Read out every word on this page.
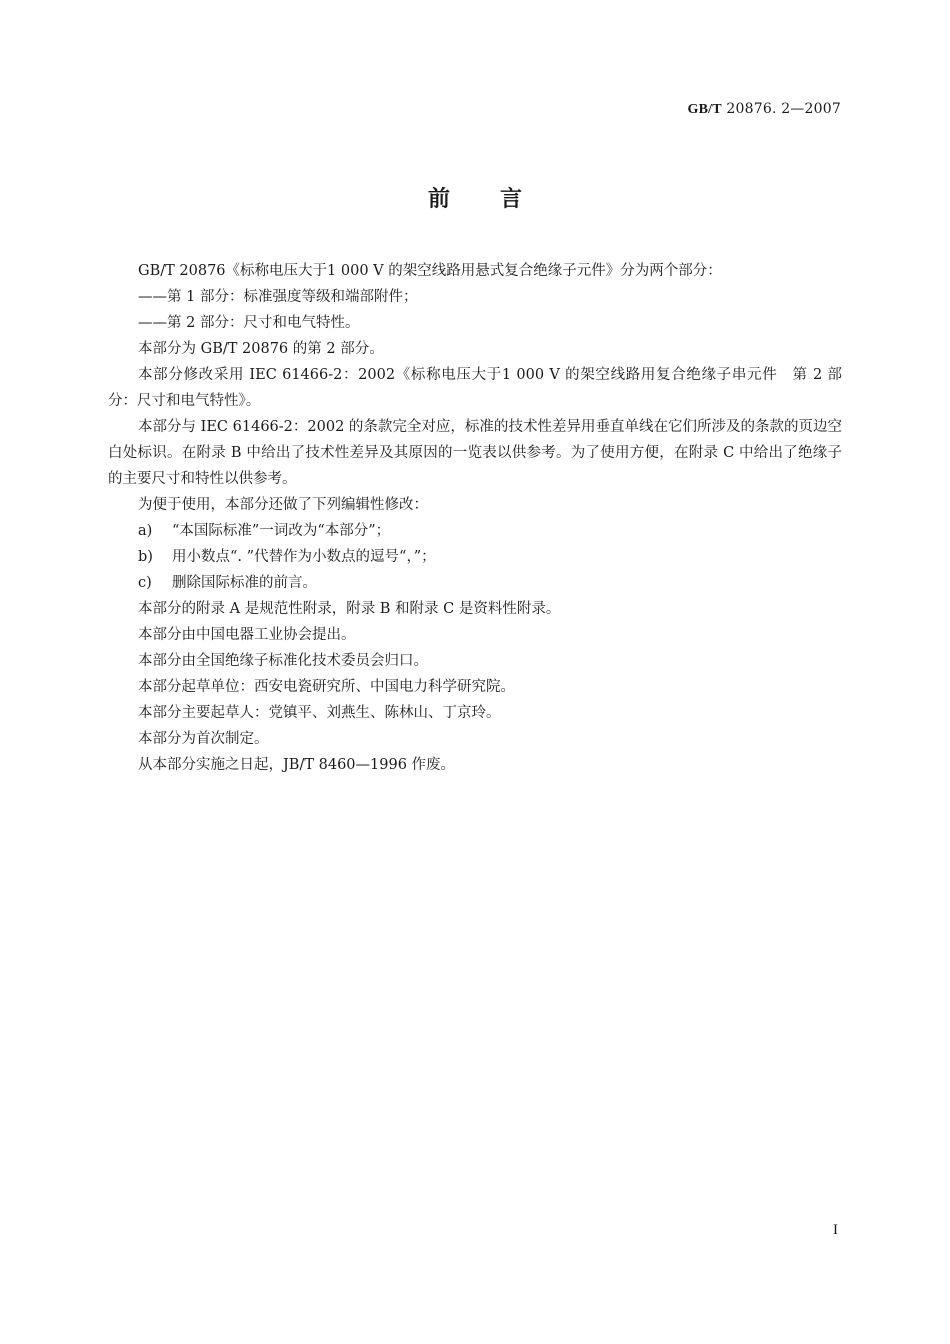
GB/T 20876. 2—2007
前言

GB/T 20876《标称电压大于1 000 V 的架空线路用悬式复合绝缘子元件》分为两个部分：

——第 1 部分：标准强度等级和端部附件；

——第 2 部分：尺寸和电气特性。

本部分为 GB/T 20876 的第 2 部分。

本部分修改采用 IEC 61466-2：2002《标称电压大于1 000 V 的架空线路用复合绝缘子串元件　第 2 部分：尺寸和电气特性》。

本部分与 IEC 61466-2：2002 的条款完全对应，标准的技术性差异用垂直单线在它们所涉及的条款的页边空白处标识。在附录 B 中给出了技术性差异及其原因的一览表以供参考。为了使用方便，在附录 C 中给出了绝缘子的主要尺寸和特性以供参考。

为便于使用，本部分还做了下列编辑性修改：

a) “本国际标准”一词改为“本部分”；

b) 用小数点“. ”代替作为小数点的逗号“，”；

c) 删除国际标准的前言。

本部分的附录 A 是规范性附录，附录 B 和附录 C 是资料性附录。

本部分由中国电器工业协会提出。

本部分由全国绝缘子标准化技术委员会归口。

本部分起草单位：西安电瓷研究所、中国电力科学研究院。

本部分主要起草人：党镇平、刘燕生、陈林山、丁京玲。

本部分为首次制定。

从本部分实施之日起，JB/T 8460—1996 作废。

I
